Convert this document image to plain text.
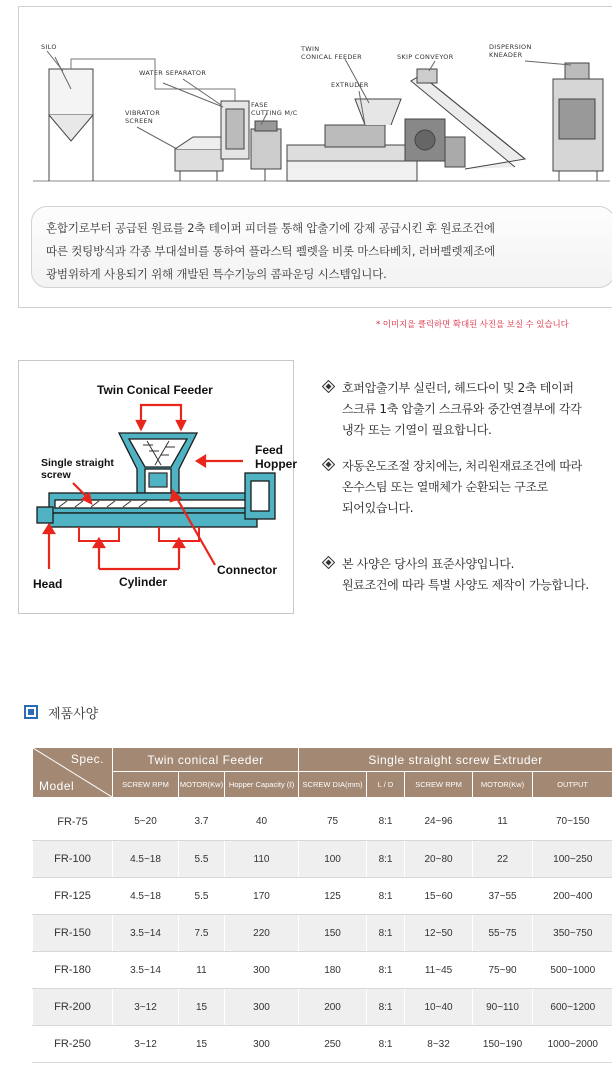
SILO
WATER SEPARATOR
VIBRATOR
SCREEN
FASE
CUTTING M/C
TWIN
CONICAL FEEDER
EXTRUDER
SKIP CONVEYOR
DISPERSION
KNEADER
혼합기로부터 공급된 원료를 2축 테이퍼 피더를 통해 압출기에 강제 공급시킨 후 원료조건에
따른 컷팅방식과 각종 부대설비를 통하여 플라스틱 펠렛을 비롯 마스타베치, 러버펠렛제조에
광범위하게 사용되기 위해 개발된 특수기능의 콤파운딩 시스템입니다.
* 이미지을 클릭하면 확대된 사진을 보실 수 있습니다
Twin Conical Feeder
Feed
Hopper
Single straight
screw
Head	Cylinder
Connector
호퍼압출기부 실린더, 헤드다이 및 2축 테이퍼
스크류 1축 압출기 스크류와 중간연결부에 각각
냉각 또는 기열이 필요합니다.
자동온도조절 장치에는, 처리원재료조건에 따라
온수스팀 또는 열매체가 순환되는 구조로
되어있습니다.
본 사양은 당사의 표준사양입니다.
원료조건에 따라 특별 사양도 제작이 가능합니다.
제품사양
Spec.
Model	Twin conical Feeder			Single straight screw Extruder				
	SCREW RPM	MOTOR(Kw)	Hopper Capacity (ℓ)	SCREW DIA(mm)	L / D	SCREW RPM	MOTOR(Kw)	OUTPUT

FR-75	5~20	3.7	40	75	8:1	24~96	11	70~150
FR-100	4.5~18	5.5	110	100	8:1	20~80	22	100~250
FR-125	4.5~18	5.5	170	125	8:1	15~60	37~55	200~400
FR-150	3.5~14	7.5	220	150	8:1	12~50	55~75	350~750
FR-180	3.5~14	11	300	180	8:1	11~45	75~90	500~1000
FR-200	3~12	15	300	200	8:1	10~40	90~110	600~1200
FR-250	3~12	15	300	250	8:1	8~32	150~190	1000~2000
